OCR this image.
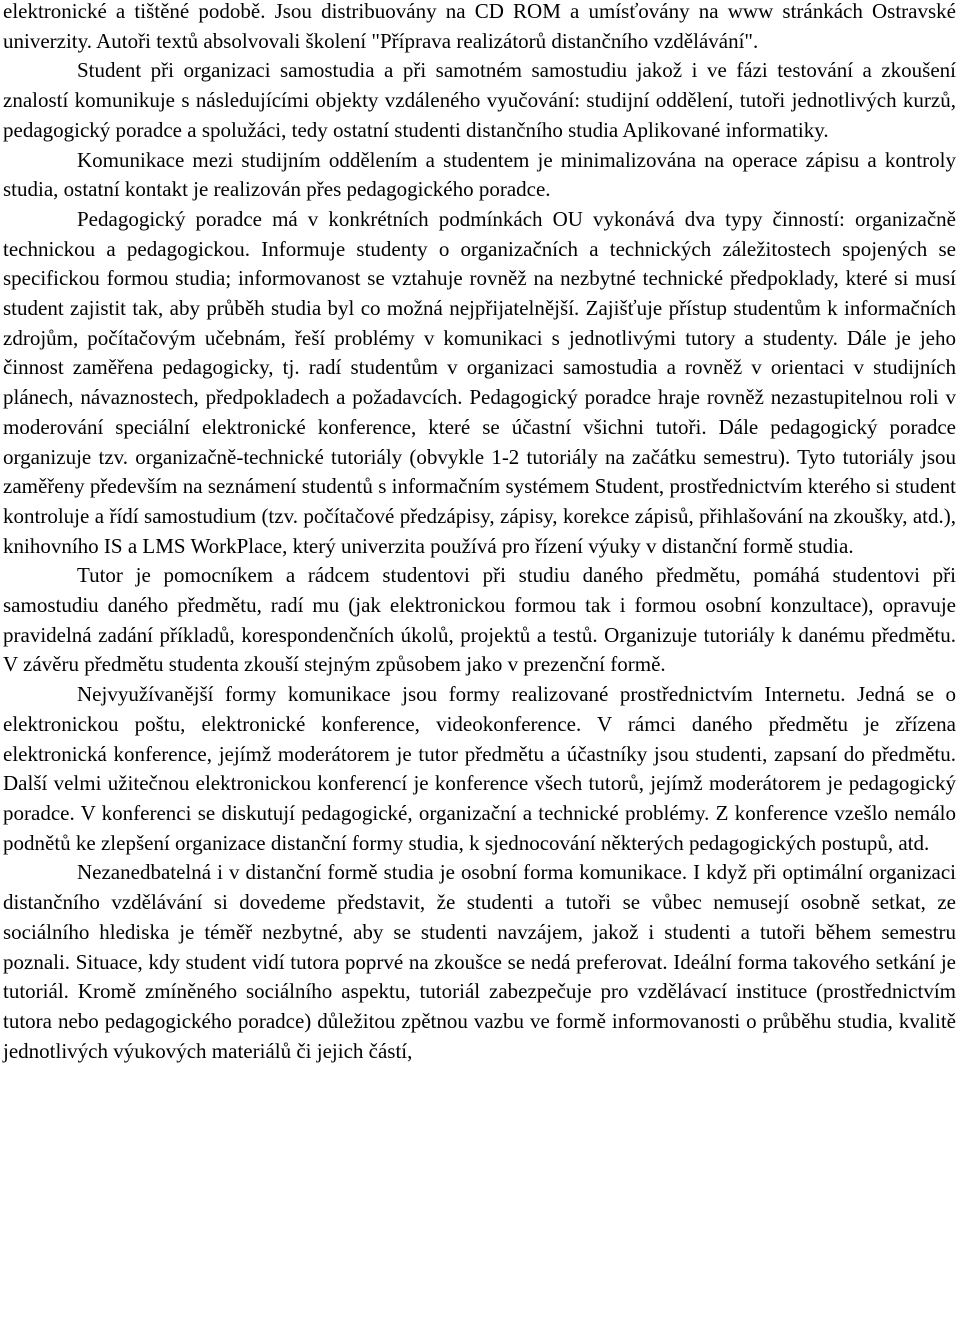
elektronické a tištěné podobě. Jsou distribuovány na CD ROM a umísťovány na www stránkách Ostravské univerzity. Autoři textů absolvovali školení "Příprava realizátorů distančního vzdělávání".

Student při organizaci samostudia a při samotném samostudiu jakož i ve fázi testování a zkoušení znalostí komunikuje s následujícími objekty vzdáleného vyučování: studijní oddělení, tutoři jednotlivých kurzů, pedagogický poradce a spolužáci, tedy ostatní studenti distančního studia Aplikované informatiky.

Komunikace mezi studijním oddělením a studentem je minimalizována na operace zápisu a kontroly studia, ostatní kontakt je realizován přes pedagogického poradce.

Pedagogický poradce má v konkrétních podmínkách OU vykonává dva typy činností: organizačně technickou a pedagogickou. Informuje studenty o organizačních a technických záležitostech spojených se specifickou formou studia; informovanost se vztahuje rovněž na nezbytné technické předpoklady, které si musí student zajistit tak, aby průběh studia byl co možná nejpřijatelnější. Zajišťuje přístup studentům k informačních zdrojům, počítačovým učebnám, řeší problémy v komunikaci s jednotlivými tutory a studenty. Dále je jeho činnost zaměřena pedagogicky, tj. radí studentům v organizaci samostudia a rovněž v orientaci v studijních plánech, návaznostech, předpokladech a požadavcích. Pedagogický poradce hraje rovněž nezastupitelnou roli v moderování speciální elektronické konference, které se účastní všichni tutoři. Dále pedagogický poradce organizuje tzv. organizačně-technické tutoriály (obvykle 1-2 tutoriály na začátku semestru). Tyto tutoriály jsou zaměřeny především na seznámení studentů s informačním systémem Student, prostřednictvím kterého si student kontroluje a řídí samostudium (tzv. počítačové předzápisy, zápisy, korekce zápisů, přihlašování na zkoušky, atd.), knihovního IS a LMS WorkPlace, který univerzita používá pro řízení výuky v distanční formě studia.

Tutor je pomocníkem a rádcem studentovi při studiu daného předmětu, pomáhá studentovi při samostudiu daného předmětu, radí mu (jak elektronickou formou tak i formou osobní konzultace), opravuje pravidelná zadání příkladů, korespondenčních úkolů, projektů a testů. Organizuje tutoriály k danému předmětu. V závěru předmětu studenta zkouší stejným způsobem jako v prezenční formě.

Nejvyužívanější formy komunikace jsou formy realizované prostřednictvím Internetu. Jedná se o elektronickou poštu, elektronické konference, videokonference. V rámci daného předmětu je zřízena elektronická konference, jejímž moderátorem je tutor předmětu a účastníky jsou studenti, zapsaní do předmětu. Další velmi užitečnou elektronickou konferencí je konference všech tutorů, jejímž moderátorem je pedagogický poradce. V konferenci se diskutují pedagogické, organizační a technické problémy. Z konference vzešlo nemálo podnětů ke zlepšení organizace distanční formy studia, k sjednocování některých pedagogických postupů, atd.

Nezanedbatelná i v distanční formě studia je osobní forma komunikace. I když při optimální organizaci distančního vzdělávání si dovedeme představit, že studenti a tutoři se vůbec nemusejí osobně setkat, ze sociálního hlediska je téměř nezbytné, aby se studenti navzájem, jakož i studenti a tutoři během semestru poznali. Situace, kdy student vidí tutora poprvé na zkoušce se nedá preferovat. Ideální forma takového setkání je tutoriál. Kromě zmíněného sociálního aspektu, tutoriál zabezpečuje pro vzdělávací instituce (prostřednictvím tutora nebo pedagogického poradce) důležitou zpětnou vazbu ve formě informovanosti o průběhu studia, kvalitě jednotlivých výukových materiálů či jejich částí,
